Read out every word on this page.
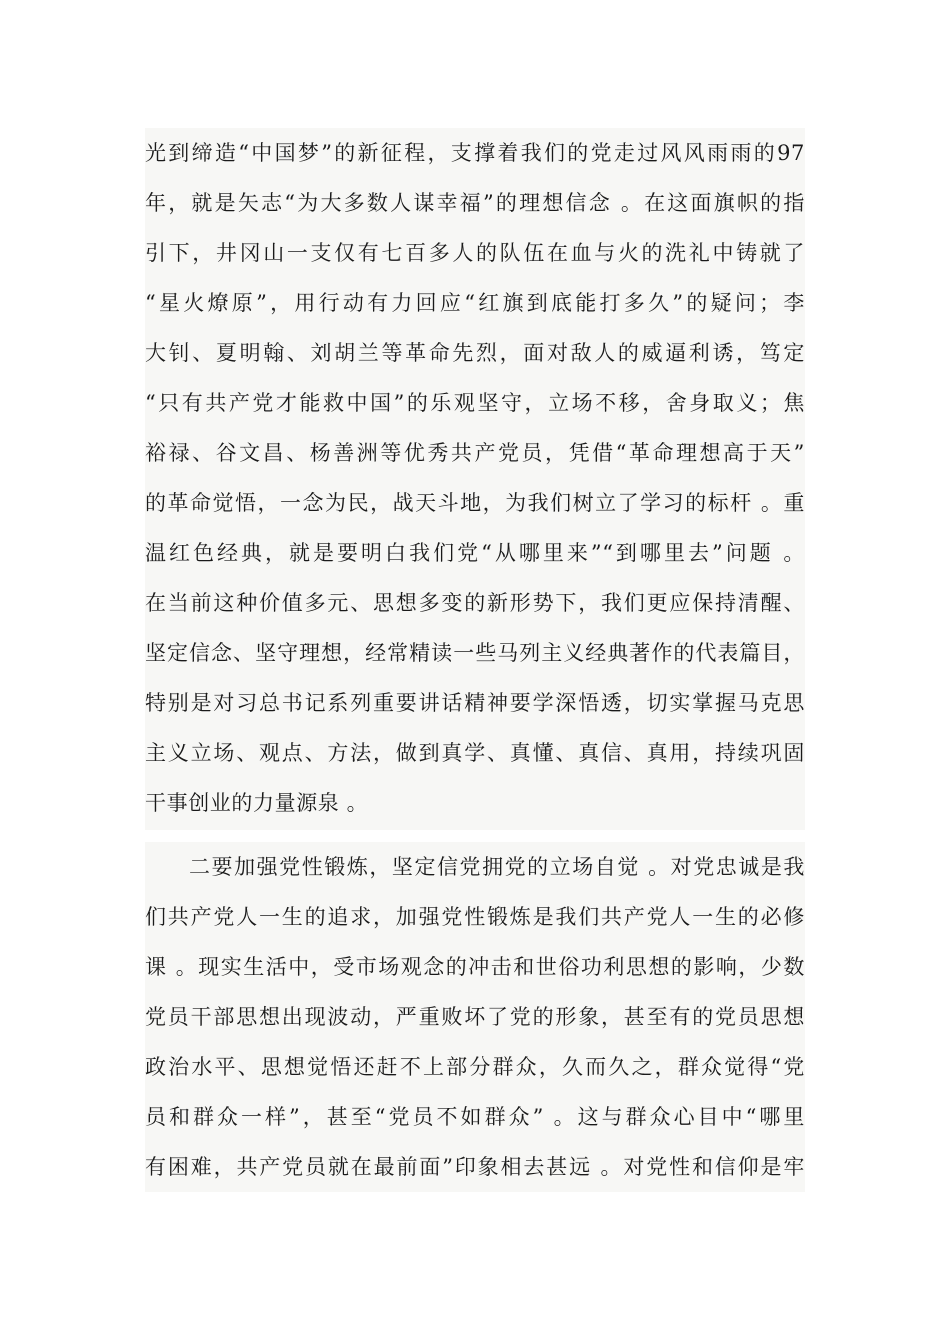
光到缔造“中国梦”的新征程，支撑着我们的党走过风风雨雨的97
年，就是矢志“为大多数人谋幸福”的理想信念 。在这面旗帜的指
引下，井冈山一支仅有七百多人的队伍在血与火的洗礼中铸就了
“星火燎原”，用行动有力回应“红旗到底能打多久”的疑问；李
大钊、夏明翰、刘胡兰等革命先烈，面对敌人的威逼利诱，笃定
“只有共产党才能救中国”的乐观坚守，立场不移，舍身取义；焦
裕禄、谷文昌、杨善洲等优秀共产党员，凭借“革命理想高于天”
的革命觉悟，一念为民，战天斗地，为我们树立了学习的标杆 。重
温红色经典，就是要明白我们党“从哪里来”“到哪里去”问题 。
在当前这种价值多元、思想多变的新形势下，我们更应保持清醒、
坚定信念、坚守理想，经常精读一些马列主义经典著作的代表篇目，
特别是对习总书记系列重要讲话精神要学深悟透，切实掌握马克思
主义立场、观点、方法，做到真学、真懂、真信、真用，持续巩固
干事创业的力量源泉 。
二要加强党性锻炼，坚定信党拥党的立场自觉 。对党忠诚是我
们共产党人一生的追求，加强党性锻炼是我们共产党人一生的必修
课 。现实生活中，受市场观念的冲击和世俗功利思想的影响，少数
党员干部思想出现波动，严重败坏了党的形象，甚至有的党员思想
政治水平、思想觉悟还赶不上部分群众，久而久之，群众觉得“党
员和群众一样”，甚至“党员不如群众” 。这与群众心目中“哪里
有困难，共产党员就在最前面”印象相去甚远 。对党性和信仰是牢
